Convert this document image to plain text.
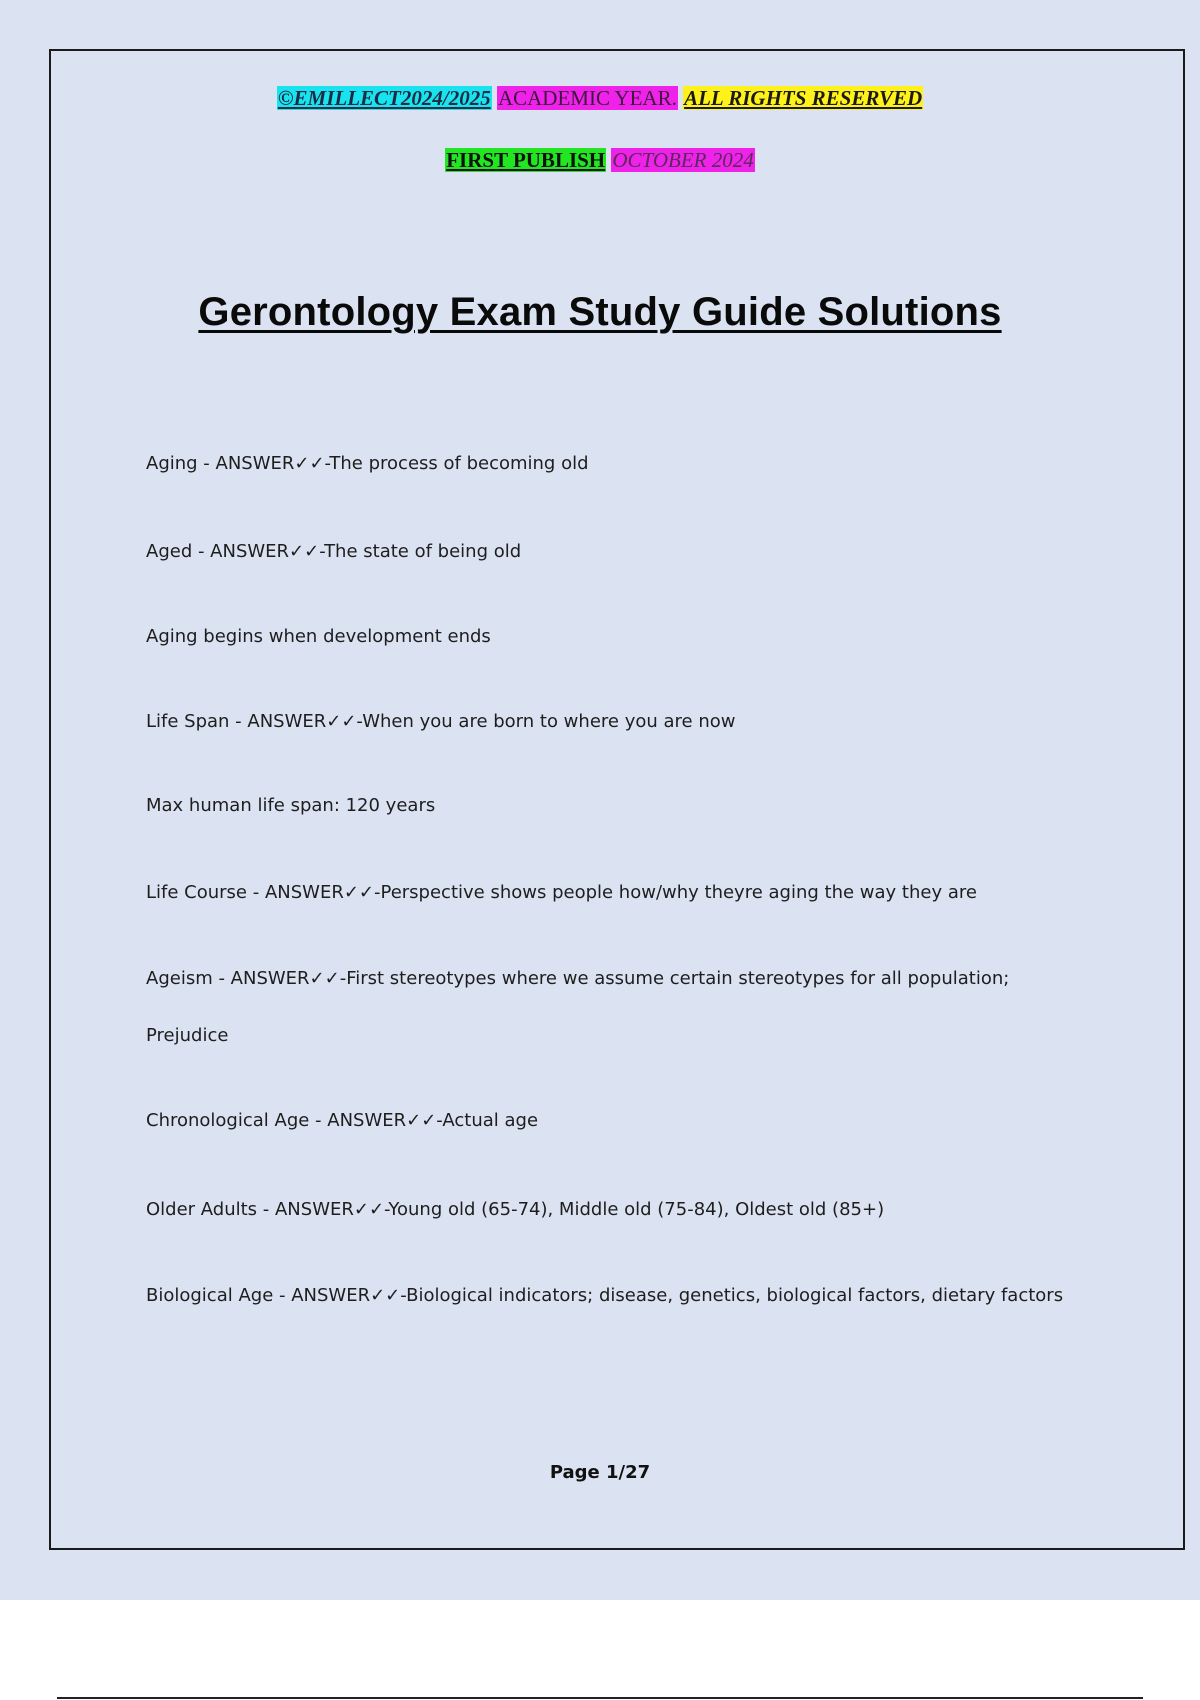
©EMILLECT2024/2025 ACADEMIC YEAR. ALL RIGHTS RESERVED
FIRST PUBLISH OCTOBER 2024
Gerontology Exam Study Guide Solutions

Aging - ANSWER✓✓-The process of becoming old

Aged - ANSWER✓✓-The state of being old

Aging begins when development ends

Life Span - ANSWER✓✓-When you are born to where you are now

Max human life span: 120 years

Life Course - ANSWER✓✓-Perspective shows people how/why theyre aging the way they are

Ageism - ANSWER✓✓-First stereotypes where we assume certain stereotypes for all population;
Prejudice

Chronological Age - ANSWER✓✓-Actual age

Older Adults - ANSWER✓✓-Young old (65-74), Middle old (75-84), Oldest old (85+)

Biological Age - ANSWER✓✓-Biological indicators; disease, genetics, biological factors, dietary factors

Page 1/27
